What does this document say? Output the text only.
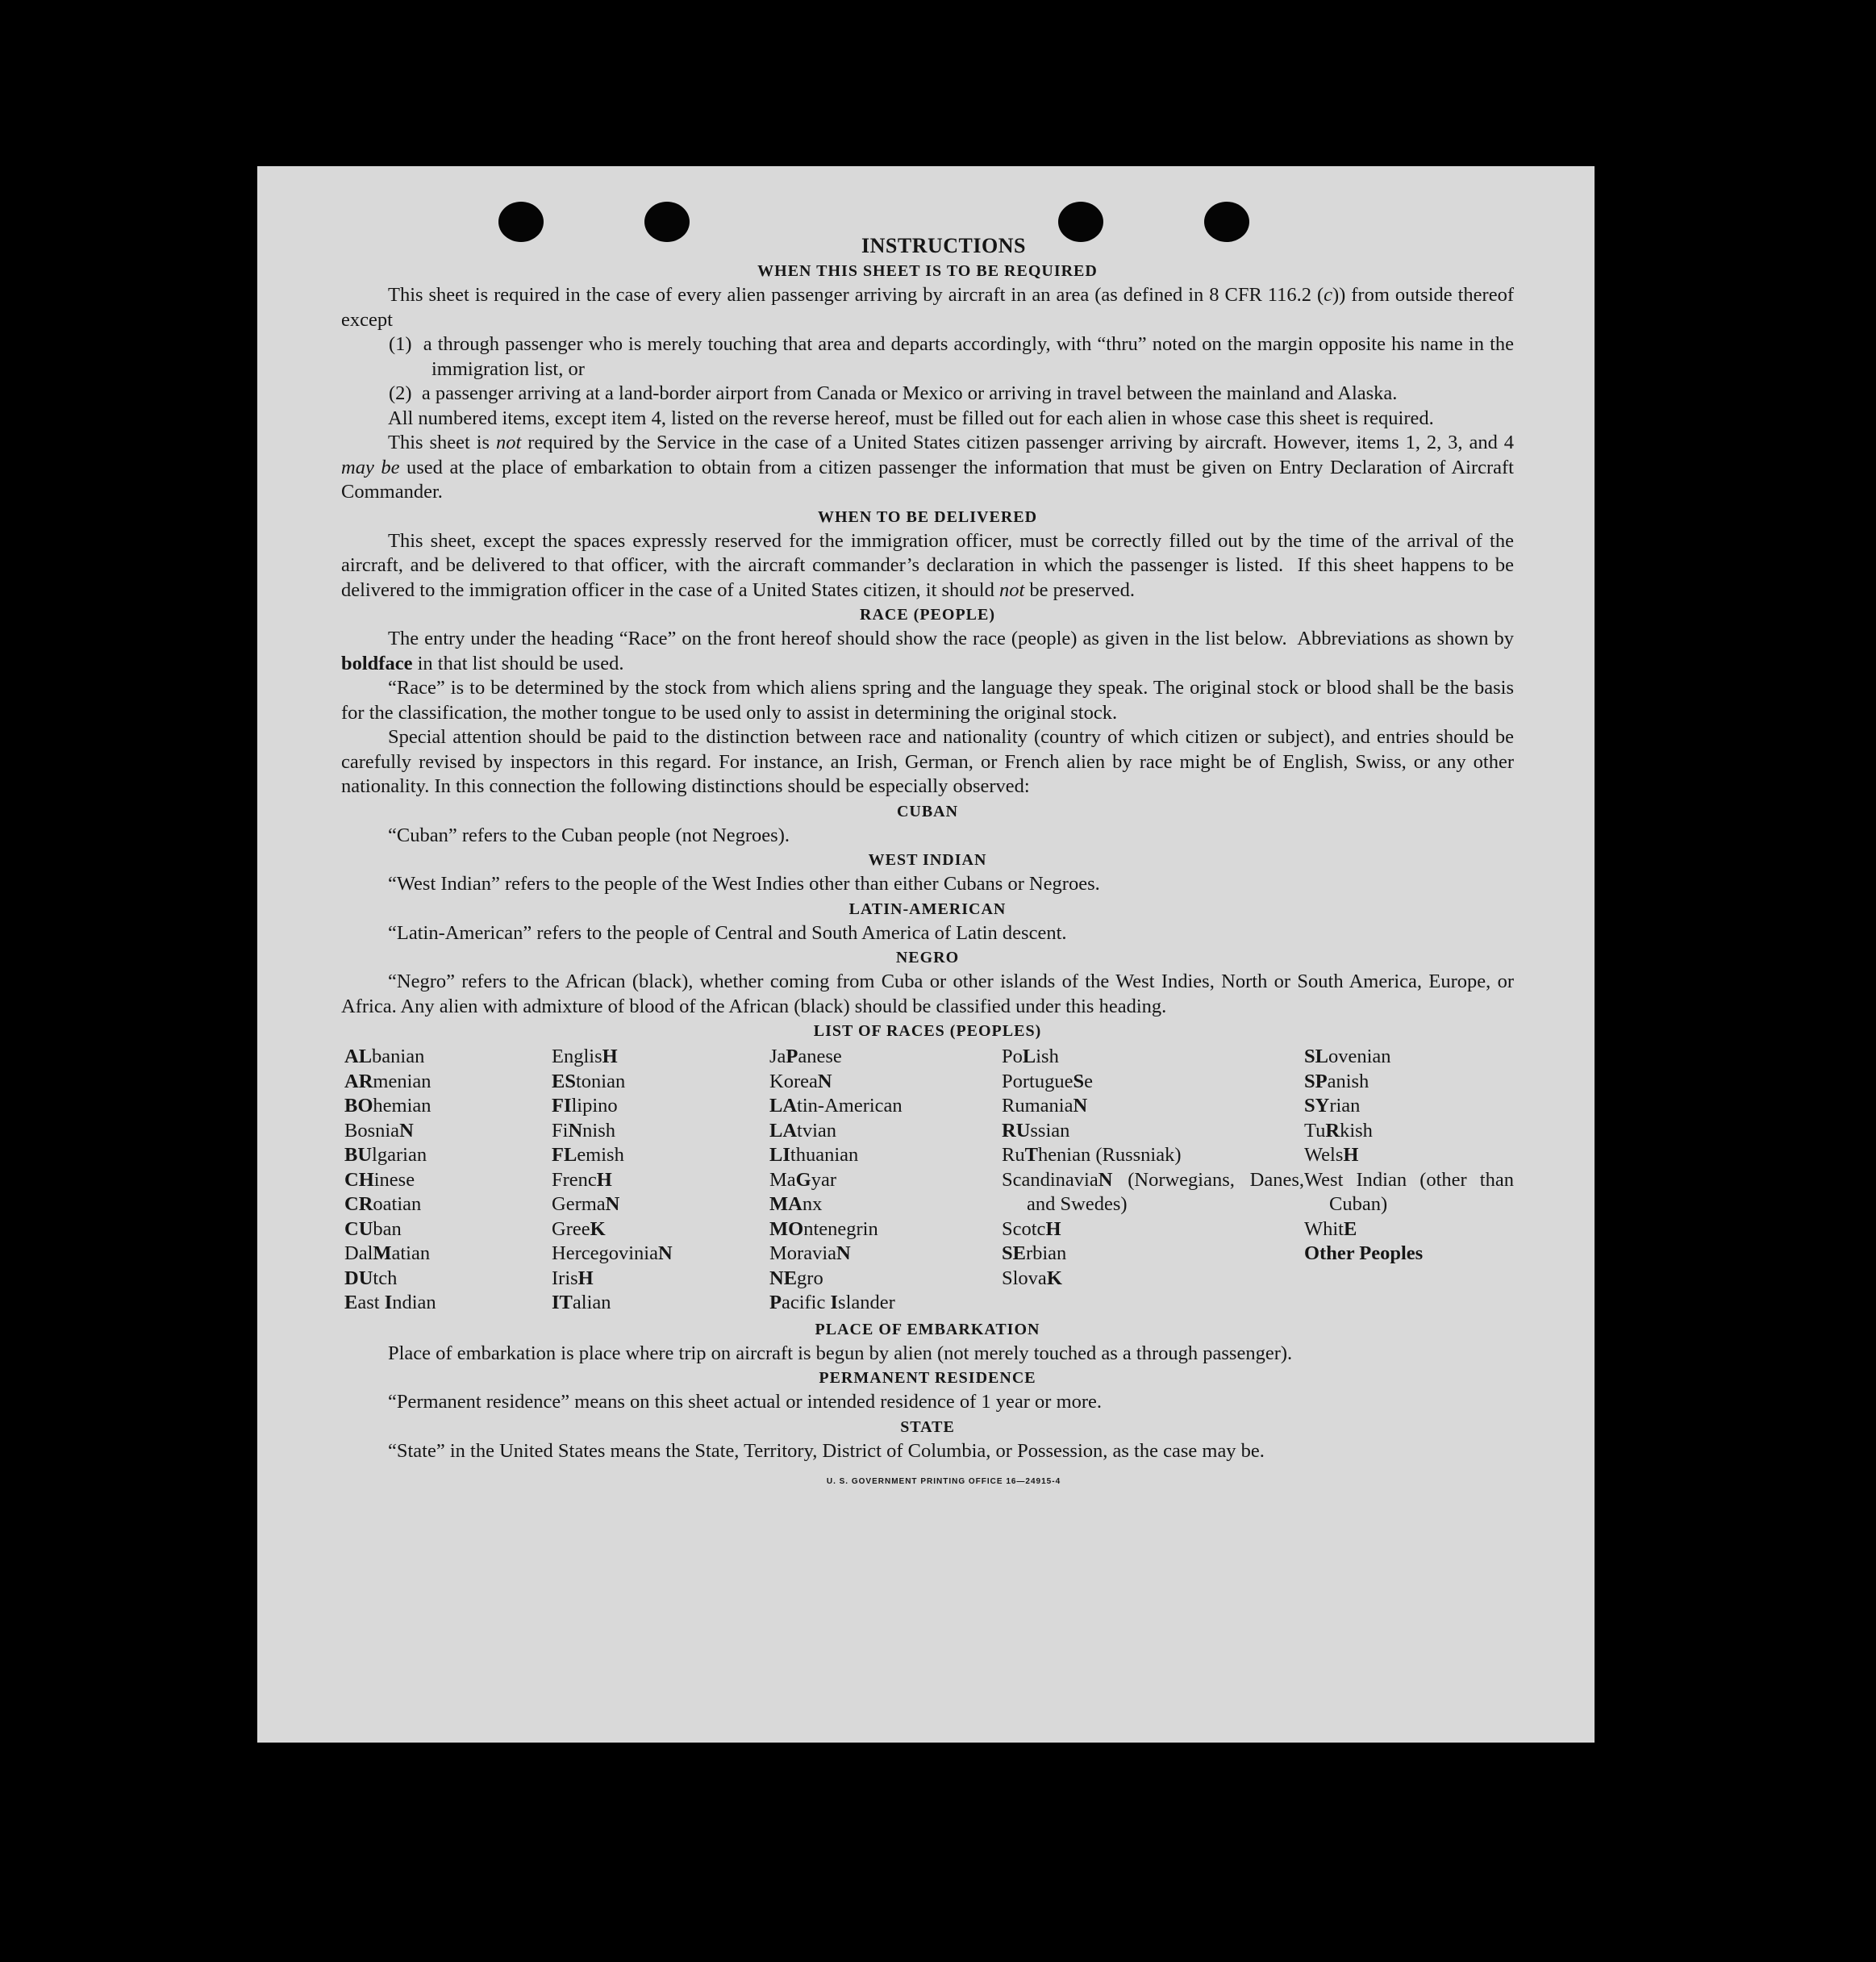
INSTRUCTIONS
WHEN THIS SHEET IS TO BE REQUIRED

This sheet is required in the case of every alien passenger arriving by aircraft in an area (as defined in 8 CFR 116.2 (c)) from outside thereof except

(1) a through passenger who is merely touching that area and departs accordingly, with “thru” noted on the margin opposite his name in the immigration list, or
(2) a passenger arriving at a land-border airport from Canada or Mexico or arriving in travel between the mainland and Alaska.

All numbered items, except item 4, listed on the reverse hereof, must be filled out for each alien in whose case this sheet is required.

This sheet is not required by the Service in the case of a United States citizen passenger arriving by aircraft. However, items 1, 2, 3, and 4 may be used at the place of embarkation to obtain from a citizen passenger the information that must be given on Entry Declaration of Aircraft Commander.

WHEN TO BE DELIVERED

This sheet, except the spaces expressly reserved for the immigration officer, must be correctly filled out by the time of the arrival of the aircraft, and be delivered to that officer, with the aircraft commander’s declaration in which the passenger is listed.  If this sheet happens to be delivered to the immigration officer in the case of a United States citizen, it should not be preserved.

RACE (PEOPLE)

The entry under the heading “Race” on the front hereof should show the race (people) as given in the list below.  Abbreviations as shown by boldface in that list should be used.

“Race” is to be determined by the stock from which aliens spring and the language they speak. The original stock or blood shall be the basis for the classification, the mother tongue to be used only to assist in determining the original stock.

Special attention should be paid to the distinction between race and nationality (country of which citizen or subject), and entries should be carefully revised by inspectors in this regard. For instance, an Irish, German, or French alien by race might be of English, Swiss, or any other nationality. In this connection the following distinctions should be especially observed:

CUBAN

“Cuban” refers to the Cuban people (not Negroes).

WEST INDIAN

“West Indian” refers to the people of the West Indies other than either Cubans or Negroes.

LATIN-AMERICAN

“Latin-American” refers to the people of Central and South America of Latin descent.

NEGRO

“Negro” refers to the African (black), whether coming from Cuba or other islands of the West Indies, North or South America, Europe, or Africa. Any alien with admixture of blood of the African (black) should be classified under this heading.

LIST OF RACES (PEOPLES)
ALbanian
ARmenian
BOhemian
BosniaN
BUlgarian
CHinese
CRoatian
CUban
DalMatian
DUtch
East Indian
EnglisH
EStonian
FIlipino
FiNnish
FLemish
FrencH
GermaN
GreeK
HercegoviniaN
IrisH
ITalian
JaPanese
KoreaN
LAtin-American
LAtvian
LIthuanian
MaGyar
MAnx
MOntenegrin
MoraviaN
NEgro
Pacific Islander
PoLish
PortugueSe
RumaniaN
RUssian
RuThenian (Russniak)
ScandinaviaN (Norwegians, Danes, and Swedes)
ScotcH
SErbian
SlovaK
SLovenian
SPanish
SYrian
TuRkish
WelsH
West Indian (other than Cuban)
WhitE
Other Peoples
PLACE OF EMBARKATION

Place of embarkation is place where trip on aircraft is begun by alien (not merely touched as a through passenger).

PERMANENT RESIDENCE

“Permanent residence” means on this sheet actual or intended residence of 1 year or more.

STATE

“State” in the United States means the State, Territory, District of Columbia, or Possession, as the case may be.

U. S. GOVERNMENT PRINTING OFFICE 16—24915-4
